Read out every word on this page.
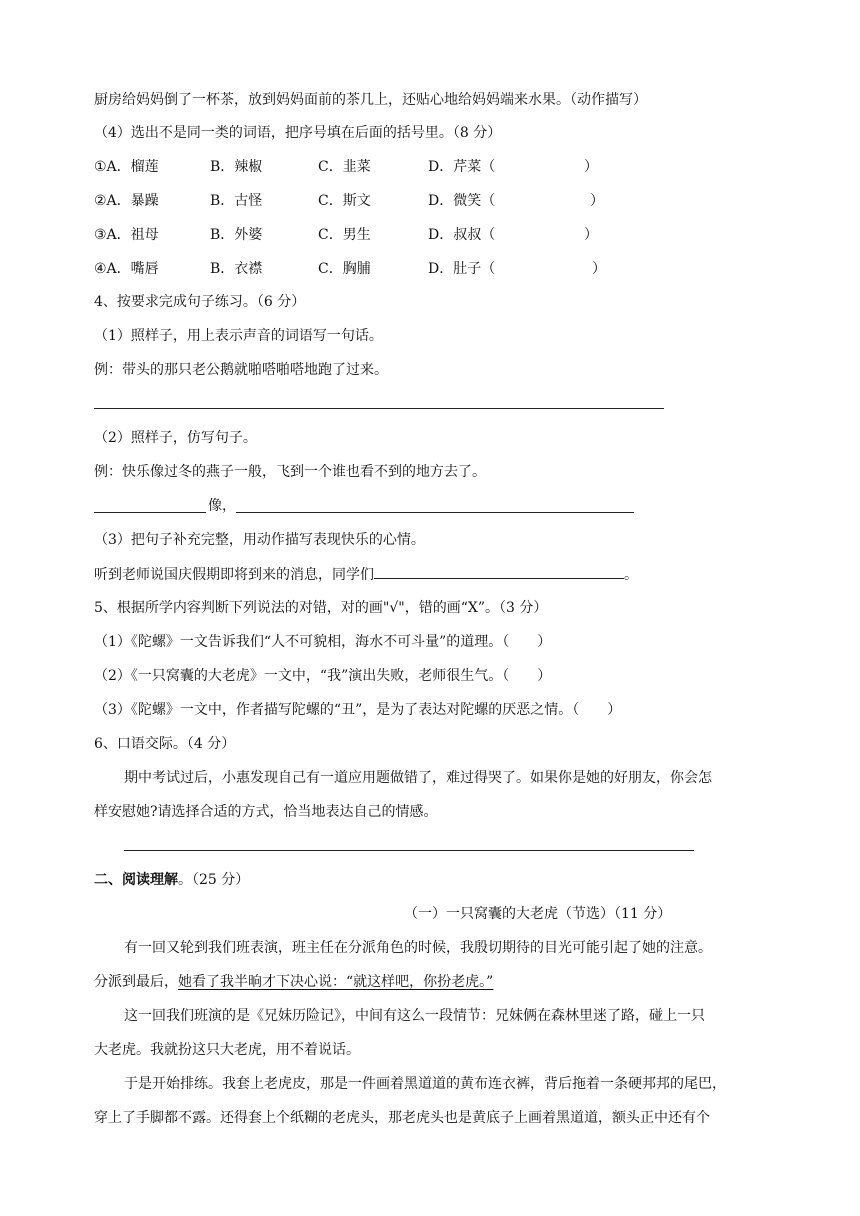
厨房给妈妈倒了一杯茶，放到妈妈面前的茶几上，还贴心地给妈妈端来水果。（动作描写）
（4）选出不是同一类的词语，把序号填在后面的括号里。（8 分）
①A．榴莲	B．辣椒	C．韭菜	D．芹菜（	）
②A．暴躁	B．古怪	C．斯文	D．微笑（	）
③A．祖母	B．外婆	C．男生	D．叔叔（	）
④A．嘴唇	B．衣襟	C．胸脯	D．肚子（	）
4、按要求完成句子练习。（6 分）
（1）照样子，用上表示声音的词语写一句话。
例：带头的那只老公鹅就啪嗒啪嗒地跑了过来。
（2）照样子，仿写句子。
例：快乐像过冬的燕子一般，飞到一个谁也看不到的地方去了。
像，
（3）把句子补充完整，用动作描写表现快乐的心情。
听到老师说国庆假期即将到来的消息，同学们	。
5、根据所学内容判断下列说法的对错，对的画"√"，错的画“X”。（3 分）
（1）《陀螺》一文告诉我们“人不可貌相，海水不可斗量”的道理。（　　）
（2）《一只窝囊的大老虎》一文中，“我”演出失败，老师很生气。（　　）
（3）《陀螺》一文中，作者描写陀螺的“丑”，是为了表达对陀螺的厌恶之情。（　　）
6、口语交际。（4 分）
期中考试过后，小惠发现自己有一道应用题做错了，难过得哭了。如果你是她的好朋友，你会怎
样安慰她?请选择合适的方式，恰当地表达自己的情感。
二、阅读理解。（25 分）
（一）一只窝囊的大老虎（节选）（11 分）
有一回又轮到我们班表演，班主任在分派角色的时候，我殷切期待的目光可能引起了她的注意。
分派到最后，她看了我半晌才下决心说：“就这样吧，你扮老虎。”
这一回我们班演的是《兄妹历险记》，中间有这么一段情节：兄妹俩在森林里迷了路，碰上一只
大老虎。我就扮这只大老虎，用不着说话。
于是开始排练。我套上老虎皮，那是一件画着黑道道的黄布连衣裤，背后拖着一条硬邦邦的尾巴，
穿上了手脚都不露。还得套上个纸糊的老虎头，那老虎头也是黄底子上画着黑道道，额头正中还有个
